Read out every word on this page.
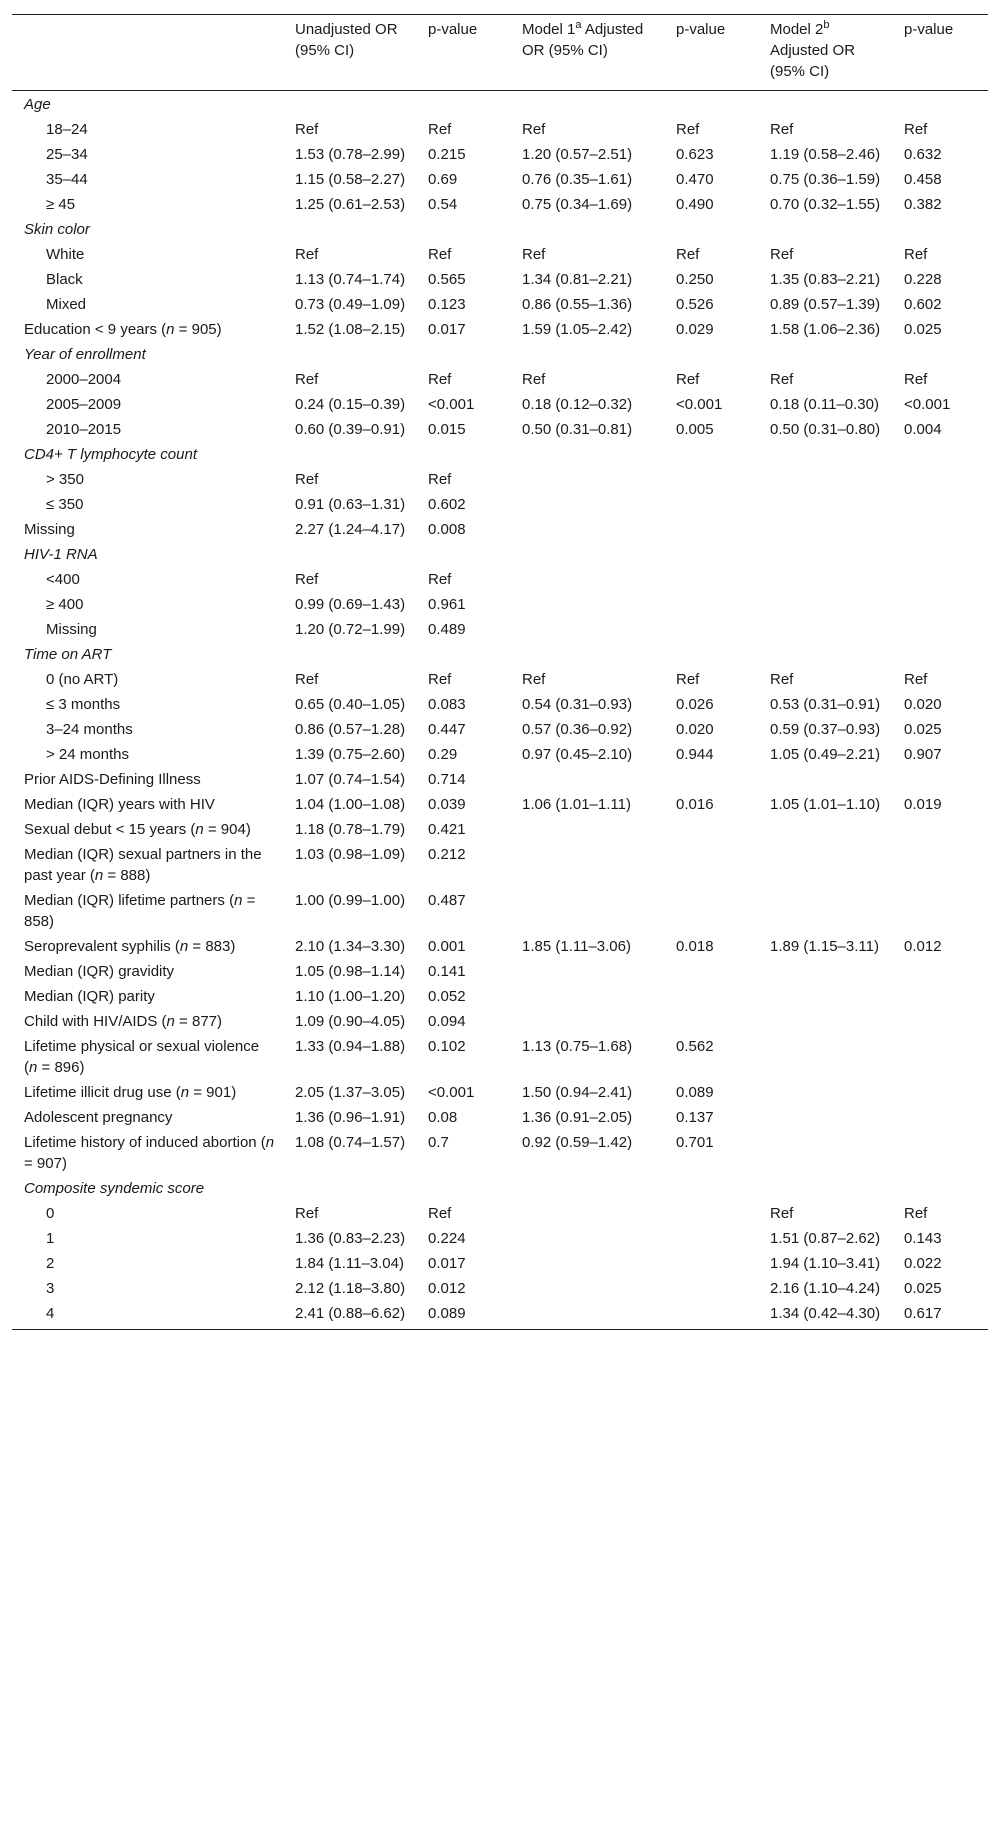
	Unadjusted OR (95% CI)	p-value	Model 1$^a$ Adjusted OR (95% CI)	p-value	Model 2$^b$ Adjusted OR (95% CI)	p-value
Age						
18–24	Ref	Ref	Ref	Ref	Ref	Ref
25–34	1.53 (0.78–2.99)	0.215	1.20 (0.57–2.51)	0.623	1.19 (0.58–2.46)	0.632
35–44	1.15 (0.58–2.27)	0.69	0.76 (0.35–1.61)	0.470	0.75 (0.36–1.59)	0.458
≥ 45	1.25 (0.61–2.53)	0.54	0.75 (0.34–1.69)	0.490	0.70 (0.32–1.55)	0.382
Skin color						
White	Ref	Ref	Ref	Ref	Ref	Ref
Black	1.13 (0.74–1.74)	0.565	1.34 (0.81–2.21)	0.250	1.35 (0.83–2.21)	0.228
Mixed	0.73 (0.49–1.09)	0.123	0.86 (0.55–1.36)	0.526	0.89 (0.57–1.39)	0.602
Education < 9 years (n = 905)	1.52 (1.08–2.15)	0.017	1.59 (1.05–2.42)	0.029	1.58 (1.06–2.36)	0.025
Year of enrollment						
2000–2004	Ref	Ref	Ref	Ref	Ref	Ref
2005–2009	0.24 (0.15–0.39)	<0.001	0.18 (0.12–0.32)	<0.001	0.18 (0.11–0.30)	<0.001
2010–2015	0.60 (0.39–0.91)	0.015	0.50 (0.31–0.81)	0.005	0.50 (0.31–0.80)	0.004
CD4+ T lymphocyte count						
> 350	Ref	Ref				
≤ 350	0.91 (0.63–1.31)	0.602				
Missing	2.27 (1.24–4.17)	0.008				
HIV-1 RNA						
<400	Ref	Ref				
≥ 400	0.99 (0.69–1.43)	0.961				
Missing	1.20 (0.72–1.99)	0.489				
Time on ART						
0 (no ART)	Ref	Ref	Ref	Ref	Ref	Ref
≤ 3 months	0.65 (0.40–1.05)	0.083	0.54 (0.31–0.93)	0.026	0.53 (0.31–0.91)	0.020
3–24 months	0.86 (0.57–1.28)	0.447	0.57 (0.36–0.92)	0.020	0.59 (0.37–0.93)	0.025
> 24 months	1.39 (0.75–2.60)	0.29	0.97 (0.45–2.10)	0.944	1.05 (0.49–2.21)	0.907
Prior AIDS-Defining Illness	1.07 (0.74–1.54)	0.714				
Median (IQR) years with HIV	1.04 (1.00–1.08)	0.039	1.06 (1.01–1.11)	0.016	1.05 (1.01–1.10)	0.019
Sexual debut < 15 years (n = 904)	1.18 (0.78–1.79)	0.421				
Median (IQR) sexual partners in the past year (n = 888)	1.03 (0.98–1.09)	0.212				
Median (IQR) lifetime partners (n = 858)	1.00 (0.99–1.00)	0.487				
Seroprevalent syphilis (n = 883)	2.10 (1.34–3.30)	0.001	1.85 (1.11–3.06)	0.018	1.89 (1.15–3.11)	0.012
Median (IQR) gravidity	1.05 (0.98–1.14)	0.141				
Median (IQR) parity	1.10 (1.00–1.20)	0.052				
Child with HIV/AIDS (n = 877)	1.09 (0.90–4.05)	0.094				
Lifetime physical or sexual violence (n = 896)	1.33 (0.94–1.88)	0.102	1.13 (0.75–1.68)	0.562		
Lifetime illicit drug use (n = 901)	2.05 (1.37–3.05)	<0.001	1.50 (0.94–2.41)	0.089		
Adolescent pregnancy	1.36 (0.96–1.91)	0.08	1.36 (0.91–2.05)	0.137		
Lifetime history of induced abortion (n = 907)	1.08 (0.74–1.57)	0.7	0.92 (0.59–1.42)	0.701		
Composite syndemic score						
0	Ref	Ref			Ref	Ref
1	1.36 (0.83–2.23)	0.224			1.51 (0.87–2.62)	0.143
2	1.84 (1.11–3.04)	0.017			1.94 (1.10–3.41)	0.022
3	2.12 (1.18–3.80)	0.012			2.16 (1.10–4.24)	0.025
4	2.41 (0.88–6.62)	0.089			1.34 (0.42–4.30)	0.617
